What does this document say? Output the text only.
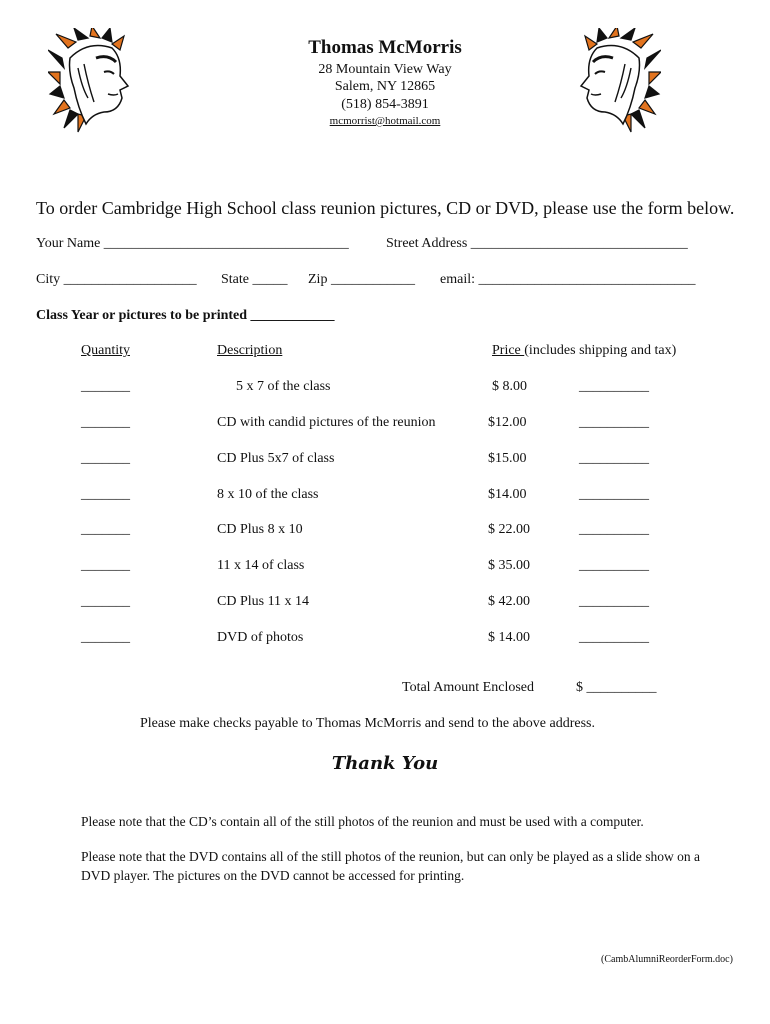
Thomas McMorris
28 Mountain View Way
Salem, NY 12865
(518) 854-3891
mcmorrist@hotmail.com
To order Cambridge High School class reunion pictures, CD or DVD, please use the form below.
Your Name ___________________________________	Street Address _______________________________
City ___________________ State _____ Zip ____________ email: _______________________________
Class Year or pictures to be printed ____________
Quantity	Description	Price (includes shipping and tax)
_______	5 x 7 of the class	$ 8.00	__________
_______	CD with candid pictures of the reunion	$12.00	__________
_______	CD Plus 5x7 of class	$15.00	__________
_______	8 x 10 of the class	$14.00	__________
_______	CD Plus 8 x 10	$ 22.00	__________
_______	11 x 14 of class	$ 35.00	__________
_______	CD Plus 11 x 14	$ 42.00	__________
_______	DVD of photos	$ 14.00	__________
Total Amount Enclosed	$ __________
Please make checks payable to Thomas McMorris and send to the above address.
Thank You
Please note that the CD’s contain all of the still photos of the reunion and must be used with a computer.
Please note that the DVD contains all of the still photos of the reunion, but can only be played as a slide show on a DVD player. The pictures on the DVD cannot be accessed for printing.
(CambAlumniReorderForm.doc)
